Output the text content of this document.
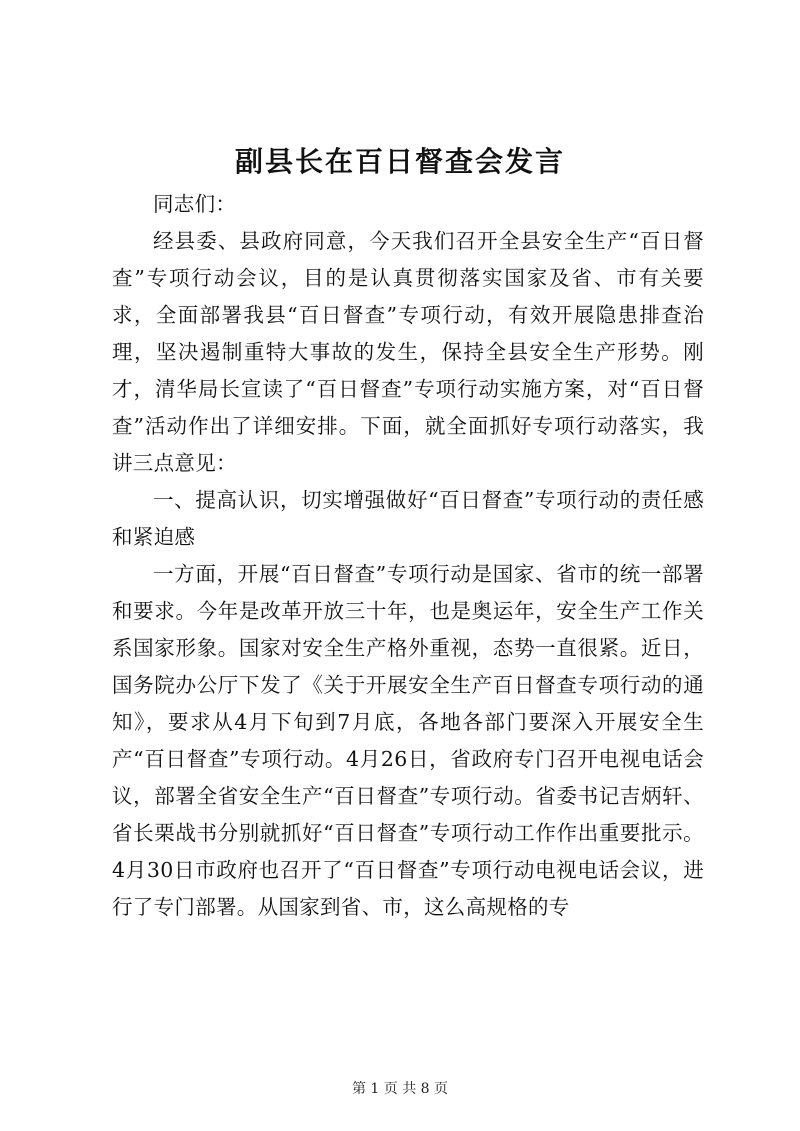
副县长在百日督查会发言

同志们：

经县委、县政府同意，今天我们召开全县安全生产“百日督查”专项行动会议，目的是认真贯彻落实国家及省、市有关要求，全面部署我县“百日督查”专项行动，有效开展隐患排查治理，坚决遏制重特大事故的发生，保持全县安全生产形势。刚才，清华局长宣读了“百日督查”专项行动实施方案，对“百日督查”活动作出了详细安排。下面，就全面抓好专项行动落实，我讲三点意见：

一、提高认识，切实增强做好“百日督查”专项行动的责任感和紧迫感

一方面，开展“百日督查”专项行动是国家、省市的统一部署和要求。今年是改革开放三十年，也是奥运年，安全生产工作关系国家形象。国家对安全生产格外重视，态势一直很紧。近日，国务院办公厅下发了《关于开展安全生产百日督查专项行动的通知》，要求从4月下旬到7月底，各地各部门要深入开展安全生产“百日督查”专项行动。4月26日，省政府专门召开电视电话会议，部署全省安全生产“百日督查”专项行动。省委书记吉炳轩、省长栗战书分别就抓好“百日督查”专项行动工作作出重要批示。4月30日市政府也召开了“百日督查”专项行动电视电话会议，进行了专门部署。从国家到省、市，这么高规格的专

第 1 页 共 8 页
